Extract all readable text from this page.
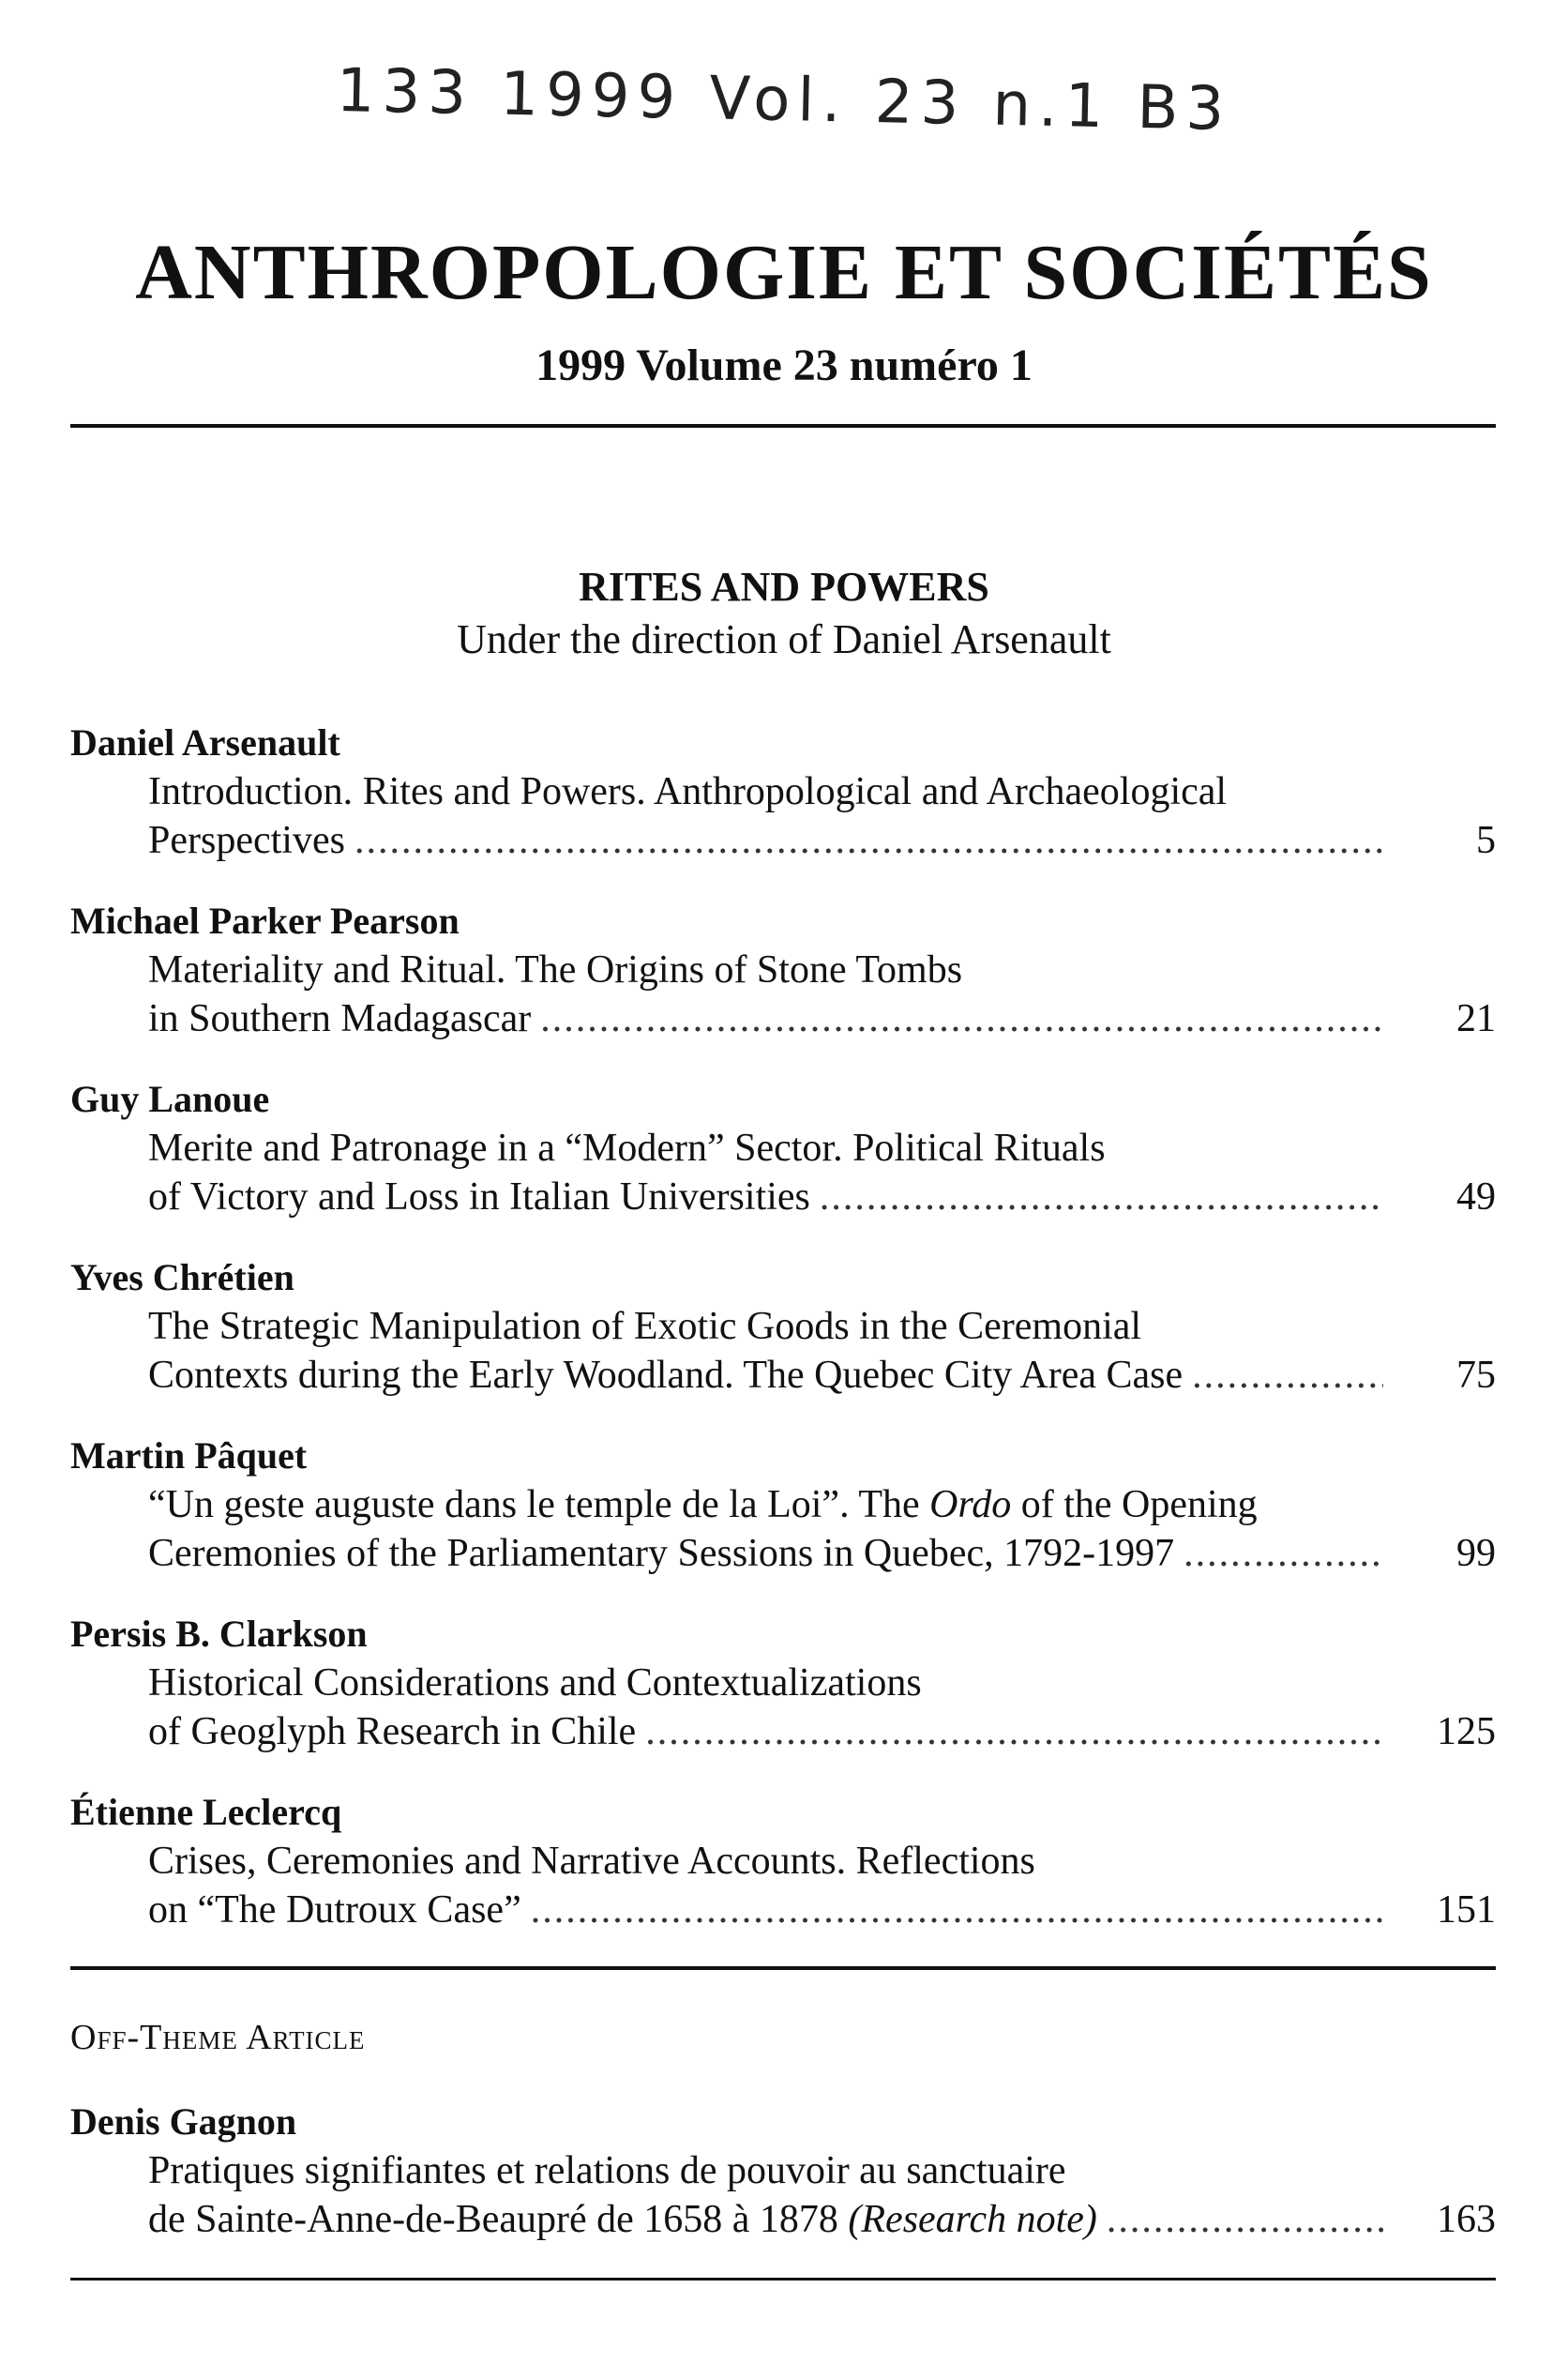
133 1999 Vol. 23 n.1 B3
ANTHROPOLOGIE ET SOCIÉTÉS
1999 Volume 23 numéro 1
RITES AND POWERS
Under the direction of Daniel Arsenault
Daniel Arsenault
Introduction. Rites and Powers. Anthropological and Archaeological
Perspectives .....	5
Michael Parker Pearson
Materiality and Ritual. The Origins of Stone Tombs
in Southern Madagascar .....	21
Guy Lanoue
Merite and Patronage in a “Modern” Sector. Political Rituals
of Victory and Loss in Italian Universities .....	49
Yves Chrétien
The Strategic Manipulation of Exotic Goods in the Ceremonial
Contexts during the Early Woodland. The Quebec City Area Case .....	75
Martin Pâquet
“Un geste auguste dans le temple de la Loi”. The Ordo of the Opening
Ceremonies of the Parliamentary Sessions in Quebec, 1792-1997 .....	99
Persis B. Clarkson
Historical Considerations and Contextualizations
of Geoglyph Research in Chile .....	125
Étienne Leclercq
Crises, Ceremonies and Narrative Accounts. Reflections
on “The Dutroux Case” .....	151
Off-Theme Article
Denis Gagnon
Pratiques signifiantes et relations de pouvoir au sanctuaire
de Sainte-Anne-de-Beaupré de 1658 à 1878 (Research note) .....	163
